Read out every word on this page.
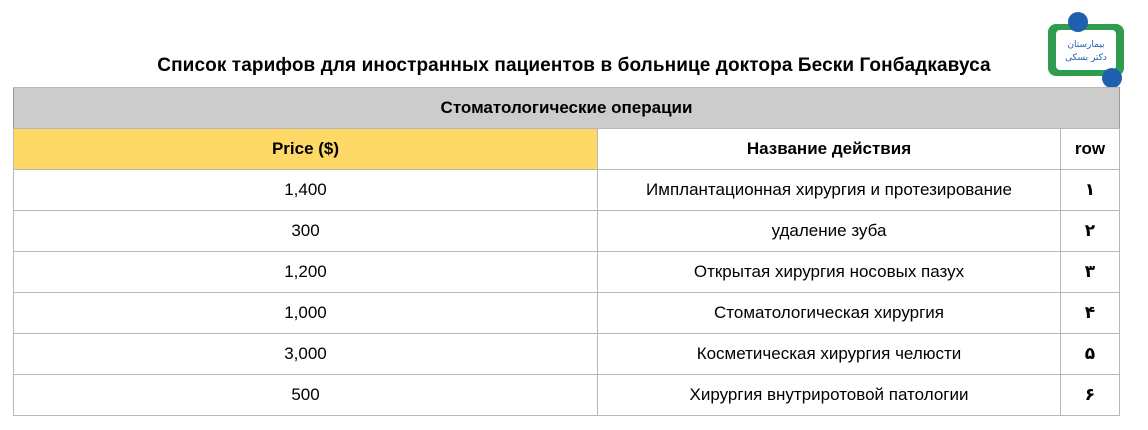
Список тарифов для иностранных пациентов в больнице доктора Бески Гонбадкавуса
بیمارستان
دکتر بسکی
Стоматологические операции		
Price ($)	Название действия	row
1,400	Имплантационная хирургия и протезирование	۱
300	удаление зуба	۲
1,200	Открытая хирургия носовых пазух	۳
1,000	Стоматологическая хирургия	۴
3,000	Косметическая хирургия челюсти	۵
500	Хирургия внутриротовой патологии	۶
